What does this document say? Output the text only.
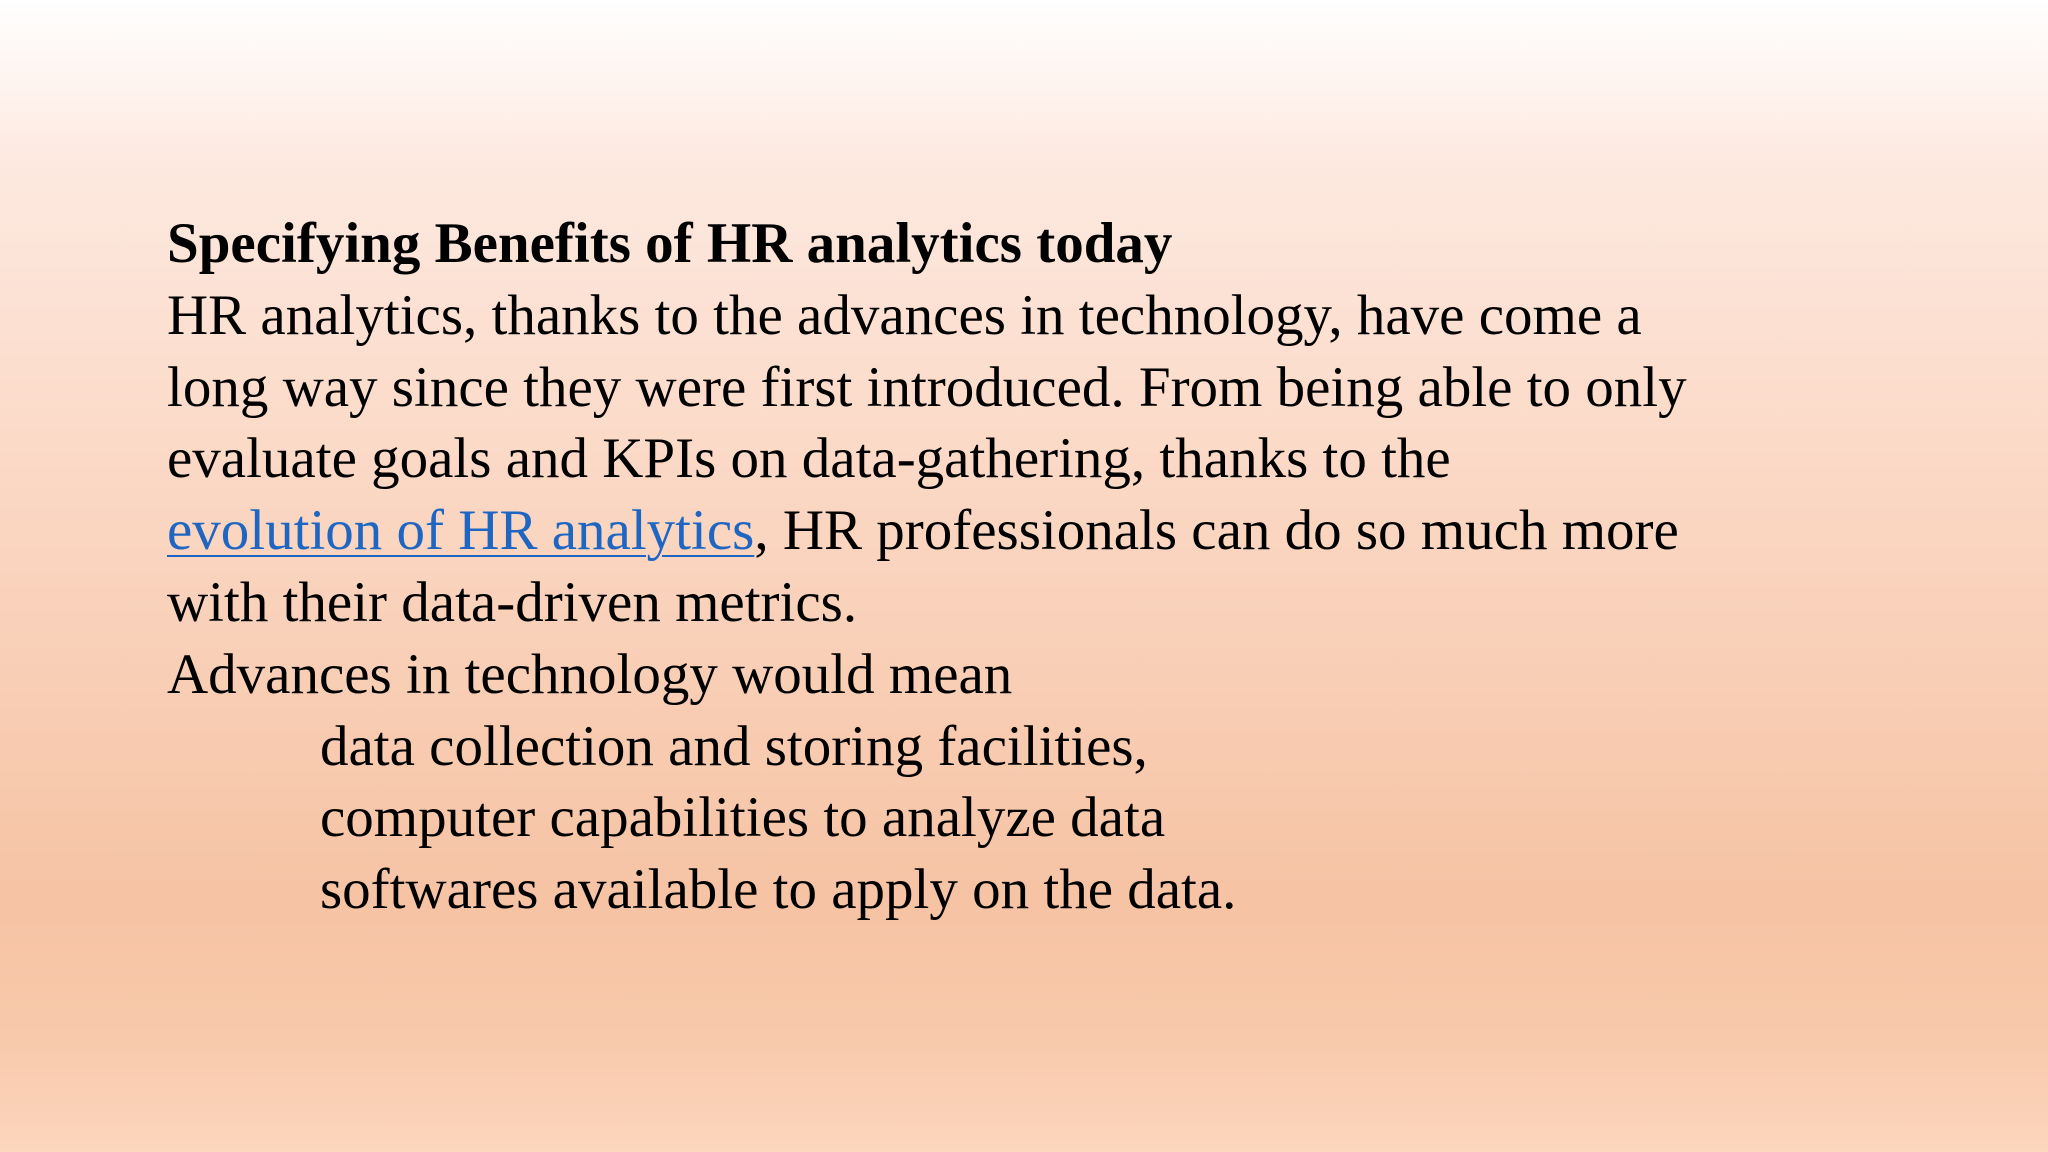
Specifying Benefits of HR analytics today
HR analytics, thanks to the advances in technology, have come a
long way since they were first introduced. From being able to only
evaluate goals and KPIs on data-gathering, thanks to the
evolution of HR analytics, HR professionals can do so much more
with their data-driven metrics.
Advances in technology would mean
data collection and storing facilities,
computer capabilities to analyze data
softwares available to apply on the data.
